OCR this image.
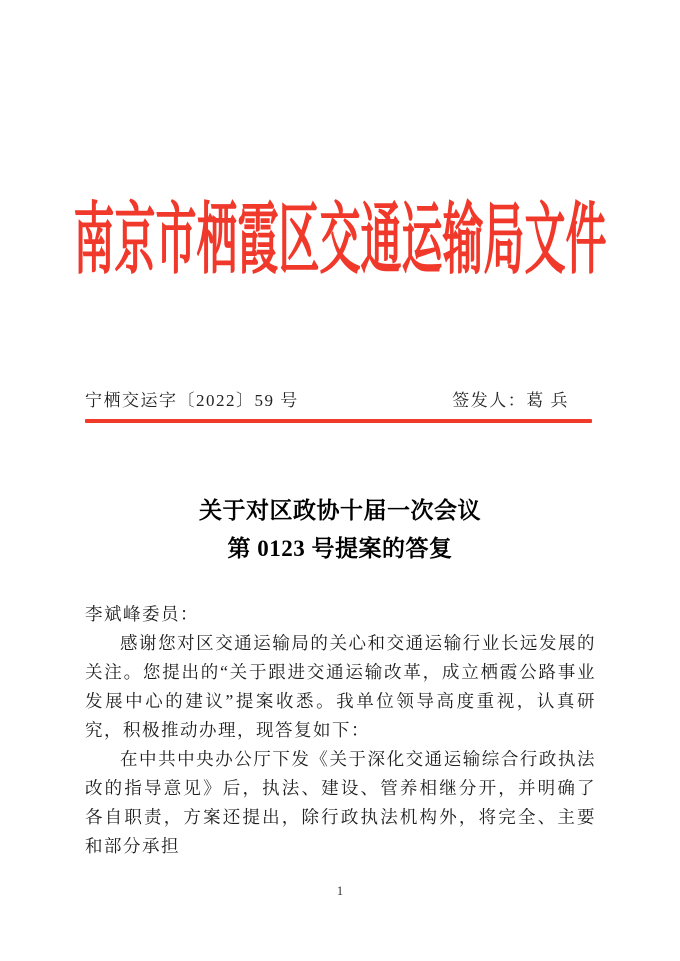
南京市栖霞区交通运输局文件
宁栖交运字〔2022〕59 号	签发人：葛 兵
关于对区政协十届一次会议
第 0123 号提案的答复

李斌峰委员：

感谢您对区交通运输局的关心和交通运输行业长远发展的关注。您提出的“关于跟进交通运输改革，成立栖霞公路事业发展中心的建议”提案收悉。我单位领导高度重视，认真研究，积极推动办理，现答复如下：

在中共中央办公厅下发《关于深化交通运输综合行政执法改的指导意见》后，执法、建设、管养相继分开，并明确了各自职责，方案还提出，除行政执法机构外，将完全、主要和部分承担

1
